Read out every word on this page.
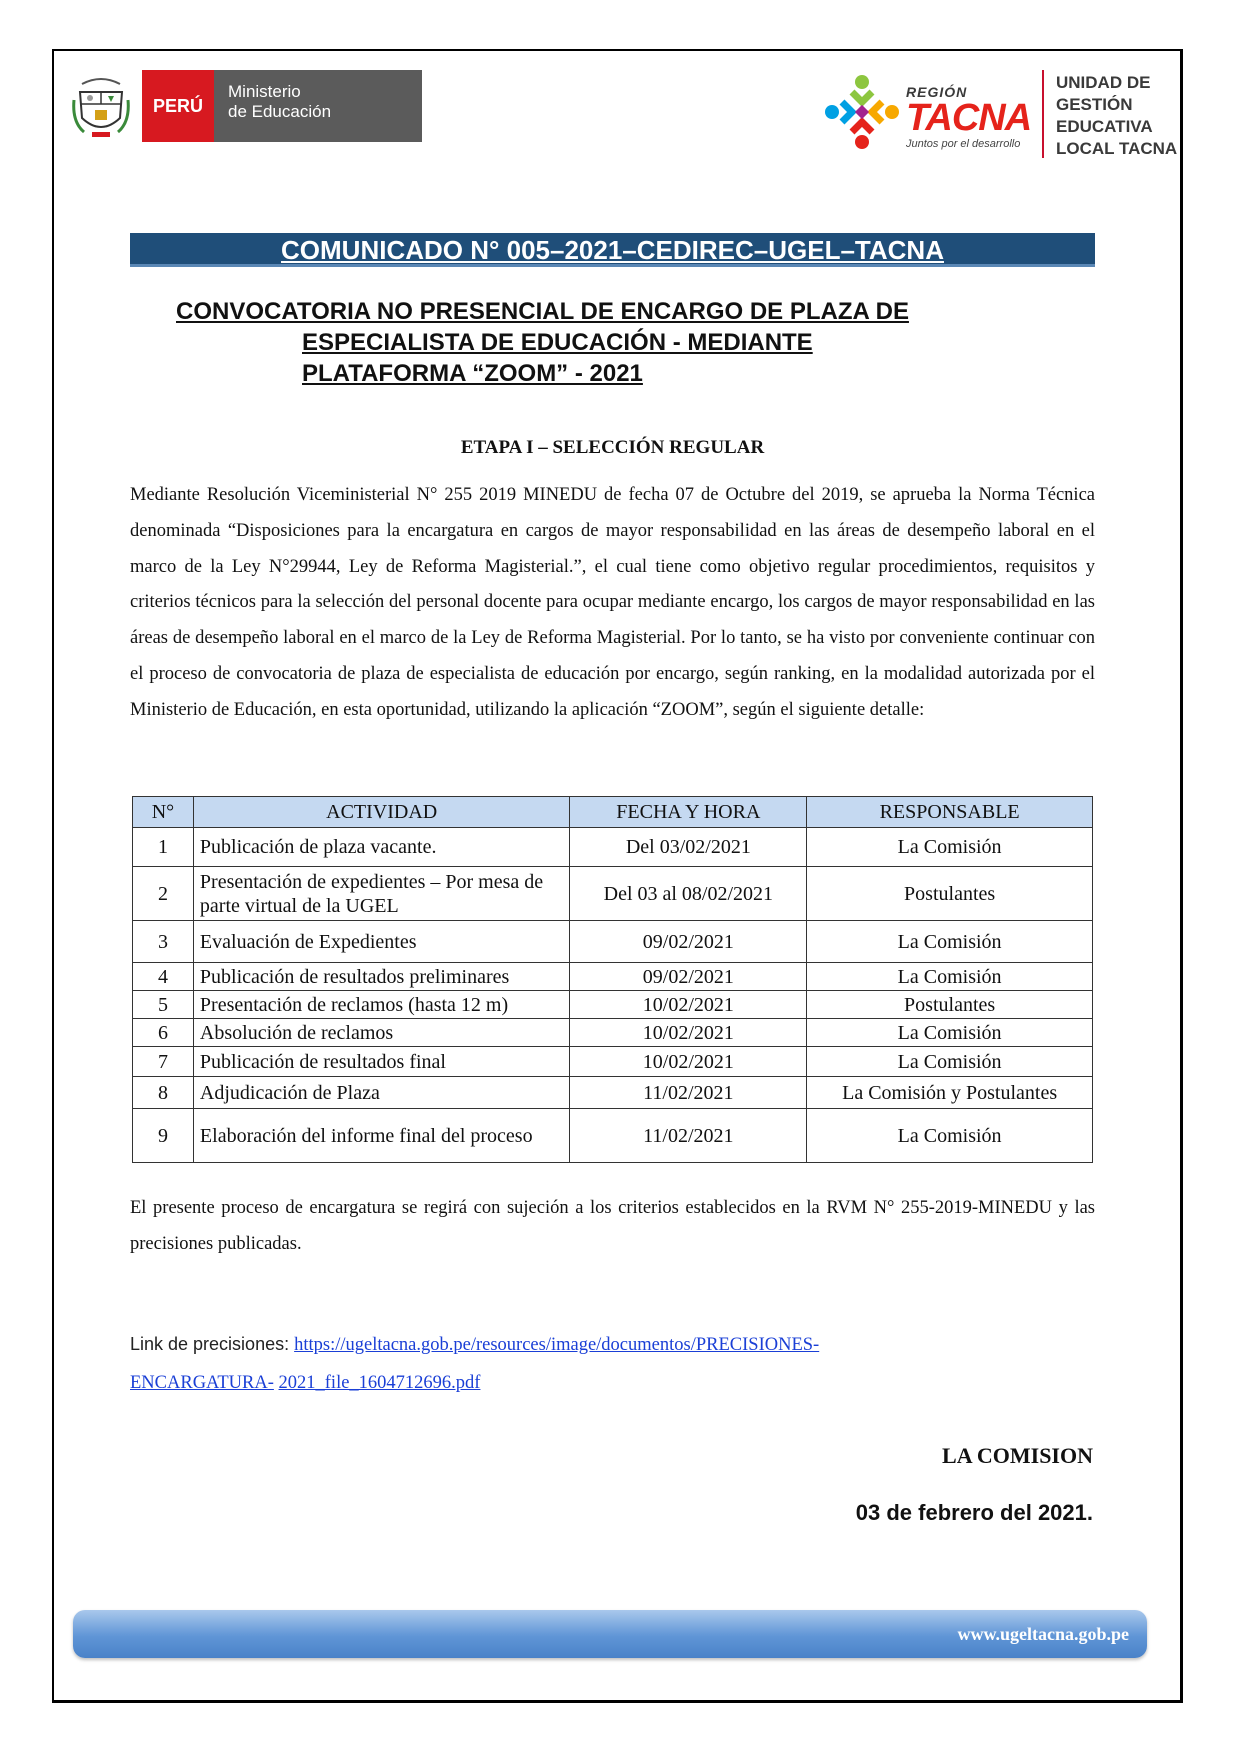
PERÚ
Ministerio
de Educación
REGIÓN
TACNA
Juntos por el desarrollo
UNIDAD DE
GESTIÓN
EDUCATIVA
LOCAL TACNA
COMUNICADO N° 005–2021–CEDIREC–UGEL–TACNA
CONVOCATORIA NO PRESENCIAL DE ENCARGO DE PLAZA DE
ESPECIALISTA DE EDUCACIÓN - MEDIANTE
PLATAFORMA “ZOOM” - 2021
ETAPA I – SELECCIÓN REGULAR
Mediante Resolución Viceministerial N° 255 2019 MINEDU de fecha 07 de Octubre del 2019, se aprueba la Norma Técnica denominada “Disposiciones para la encargatura en cargos de mayor responsabilidad en las áreas de desempeño laboral en el marco de la Ley N°29944, Ley de Reforma Magisterial.”, el cual tiene como objetivo regular procedimientos, requisitos y criterios técnicos para la selección del personal docente para ocupar mediante encargo, los cargos de mayor responsabilidad en las áreas de desempeño laboral en el marco de la Ley de Reforma Magisterial. Por lo tanto, se ha visto por conveniente continuar con el proceso de convocatoria de plaza de especialista de educación por encargo, según ranking, en la modalidad autorizada por el Ministerio de Educación, en esta oportunidad, utilizando la aplicación “ZOOM”, según el siguiente detalle:
N°	ACTIVIDAD	FECHA Y HORA	RESPONSABLE
1	Publicación de plaza vacante.	Del 03/02/2021	La Comisión
2	Presentación de expedientes – Por mesa de parte virtual de la UGEL	Del 03 al 08/02/2021	Postulantes
3	Evaluación de Expedientes	09/02/2021	La Comisión
4	Publicación de resultados preliminares	09/02/2021	La Comisión
5	Presentación de reclamos (hasta 12 m)	10/02/2021	Postulantes
6	Absolución de reclamos	10/02/2021	La Comisión
7	Publicación de resultados final	10/02/2021	La Comisión
8	Adjudicación de Plaza	11/02/2021	La Comisión y Postulantes
9	Elaboración del informe final del proceso	11/02/2021	La Comisión
El presente proceso de encargatura se regirá con sujeción a los criterios establecidos en la RVM N° 255-2019-MINEDU y las precisiones publicadas.
Link de precisiones: https://ugeltacna.gob.pe/resources/image/documentos/PRECISIONES-
ENCARGATURA- 2021_file_1604712696.pdf
LA COMISION
03 de febrero del 2021.
www.ugeltacna.gob.pe
